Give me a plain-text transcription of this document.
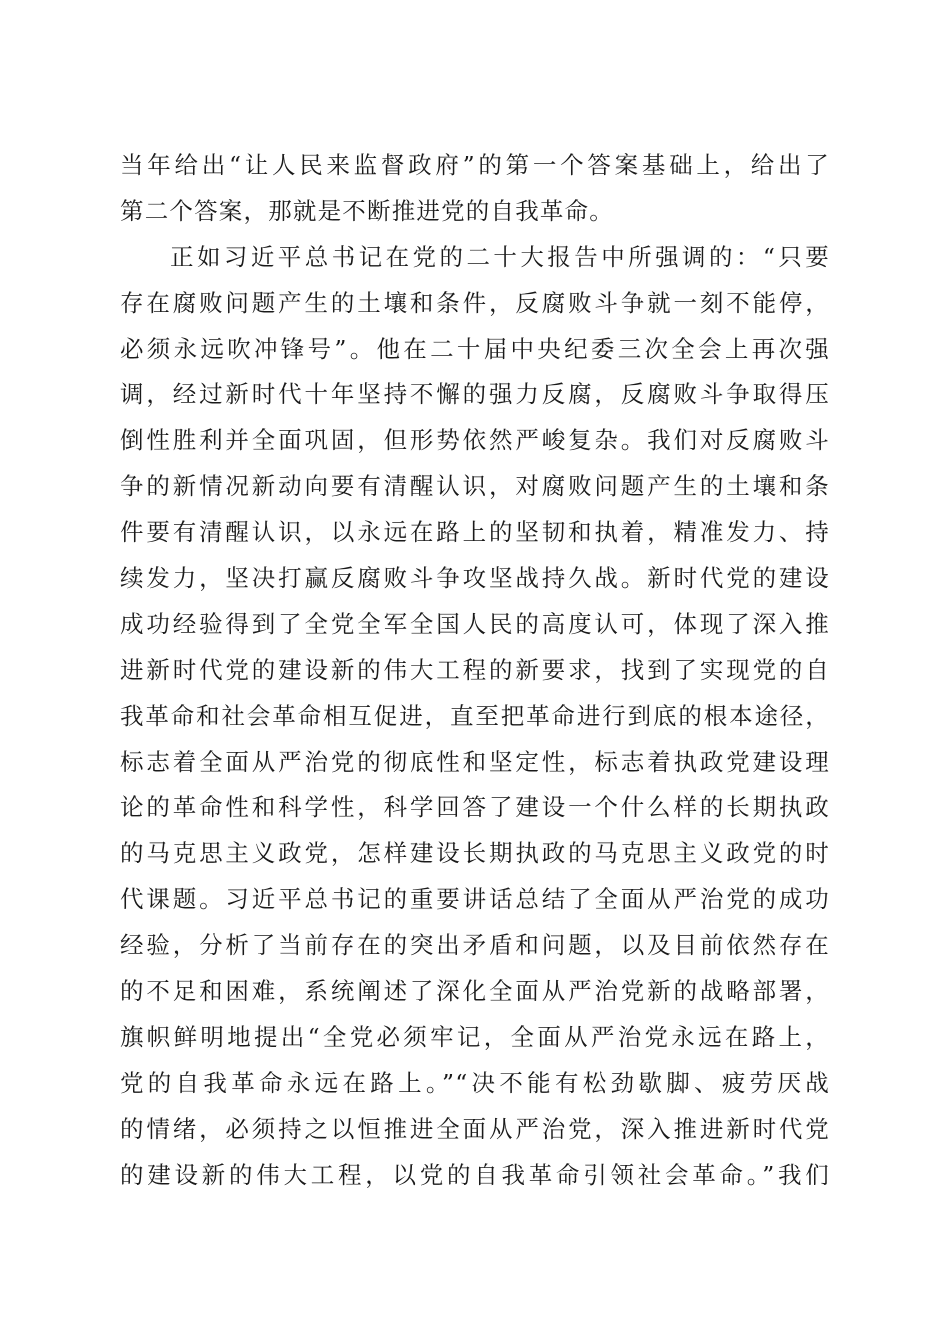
当年给出“让人民来监督政府”的第一个答案基础上，给出了
第二个答案，那就是不断推进党的自我革命。
正如习近平总书记在党的二十大报告中所强调的：“只要
存在腐败问题产生的土壤和条件，反腐败斗争就一刻不能停，
必须永远吹冲锋号”。他在二十届中央纪委三次全会上再次强
调，经过新时代十年坚持不懈的强力反腐，反腐败斗争取得压
倒性胜利并全面巩固，但形势依然严峻复杂。我们对反腐败斗
争的新情况新动向要有清醒认识，对腐败问题产生的土壤和条
件要有清醒认识，以永远在路上的坚韧和执着，精准发力、持
续发力，坚决打赢反腐败斗争攻坚战持久战。新时代党的建设
成功经验得到了全党全军全国人民的高度认可，体现了深入推
进新时代党的建设新的伟大工程的新要求，找到了实现党的自
我革命和社会革命相互促进，直至把革命进行到底的根本途径，
标志着全面从严治党的彻底性和坚定性，标志着执政党建设理
论的革命性和科学性，科学回答了建设一个什么样的长期执政
的马克思主义政党，怎样建设长期执政的马克思主义政党的时
代课题。习近平总书记的重要讲话总结了全面从严治党的成功
经验，分析了当前存在的突出矛盾和问题，以及目前依然存在
的不足和困难，系统阐述了深化全面从严治党新的战略部署，
旗帜鲜明地提出“全党必须牢记，全面从严治党永远在路上，
党的自我革命永远在路上。”“决不能有松劲歇脚、疲劳厌战
的情绪，必须持之以恒推进全面从严治党，深入推进新时代党
的建设新的伟大工程，以党的自我革命引领社会革命。”我们
